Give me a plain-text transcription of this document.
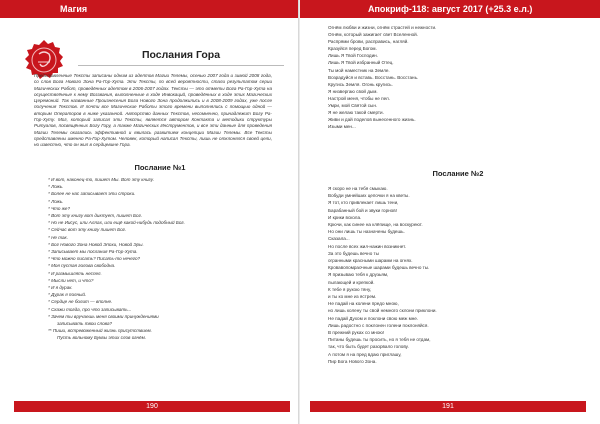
Магия
Послания Гора
Представленные Тексты записаны одним из адептов Магии Телемы, осенью 2007 года и зимой 2008 года, со слов Бога Нового Зона Ра-Гор-Хута. Эти Тексты, по всей вероятности, стали результатом серии Магических Работ, проведённых адептом в 2006-2007 годах. Тексты — это отметы Бога Ра-Гор-Хута на осуществлённые к нему Воззвания, выполненные в ходе Инвокаций, проведённых в ходе этих Магических Церемоний. Так названные Произнесения Бога Нового Зона продолжились и в 2008-2009 годах, уже после получения Текстов. И почти все Магические Работы этого времени выполнялись с помощью одной — вторым Операторов в ниже указанной. Авторство данных Текстов, несомненно, принадлежит Богу Ра-Гор-Хуту. Мог, который записал эти Тексты, является автором Контакта и методики структуры Ритуалов, посвящённых Богу Гору, а также Магических Инструментов, и все эти данные для проведения Магии Телемы оказались эффективной и явилась развитием концепции Магии Телемы. Все Тексты представлены именно Ра-Гор-Хутом. Человек, который написал Тексты, лишь не отклонялся своей цели, но известно, что он жил в сердцевине Гора.
Послание №1
* И вот, наконец-то, пишет Мы. Вот эту книгу.
* Ложь.
* Более не нас записывает эти строки.
* Ложь.
* Что же?
* Вот эту книгу вот диктует, пишет Бог.
* Но не Иисус, или Аллах, или ещё какой-нибудь подобный Бог.
* Сейчас вот эту книгу пишет Бог.
* Не так.
* Бог Нового Зона Новой Эпохи, Новой Эры.
* Записывает мы послания Ра-Гор-Хута.
* Что можно писать? Писать-то нечего?
* Моя пустая голова свободна.
* И размышлять неспел.
* Мысли нет, и что?
* И я дурак.
* Дурак я полный.
* Сердце не болит — вполне.
* Скажи тогда, про что записывать...
* Зачем ты вручаешь меня своими принуждениями
записывать твои слова?
** Пиши, встревоженный жизнь присутствием.
Пусть вольному Буквы этих слов огнём.
190
Апокриф-118: август 2017 (+25.3 е.л.)
Огнём любви и жизни, огнём страстей и нежности.
Огнём, который зажигает свет Вселенной.
Распрями брови, расправись, нагляй.
Кразуйся перед Богом.
Лишь Я Твой Господин.
Лишь Я Твой избранный Отец.
Ты мой наместник на Земле.
Возрадуйся и вставь. Восстань. Восстань.
Кругись Земля. Огонь кругись.
Я низвергаю свой дым.
Настрой меня, чтобы не пел.
Умри, мой Святой сын.
Я не желаю такой смерти.
Живи и дай поделов вынесенного жизнь.
Изыми мен...
Послание №2
Я скоро не на тебя смыкаю.
Вобуди умнейших цепочки я на кветы.
Я тот, кто привлекает лишь тени,
Барабанный бой и звуки горнов!
И крики вскола.
Крючи, как синее на клёпище, на воскуреют.
Но они лишь ты назначены будешь.
Сказала...
Но после всех жил-нажин возникнет.
За это будешь вечно ты
огранными красными шарами на огнях.
Кровавопомраочные шарами будешь вечно ты.
Я призываю тебя к друзьям,
пылающей и крепкой.
К тебе я рукою тяну,
и ты ко мне из ястрем.
Не падай на колени предо мною,
но лишь колену ты свой немного склони приклони.
Не падай Духом и поклони свою меж мне.
Лишь радостно с поклонен голени поклоняйся.
В прежний руках со мною!
Питаны будешь ты просить, но я тебя не отдам,
так, что быть будет разорвало голову.
А потом я на пред вдаю приглашу,
Пир Бога Нового Зона.
191
